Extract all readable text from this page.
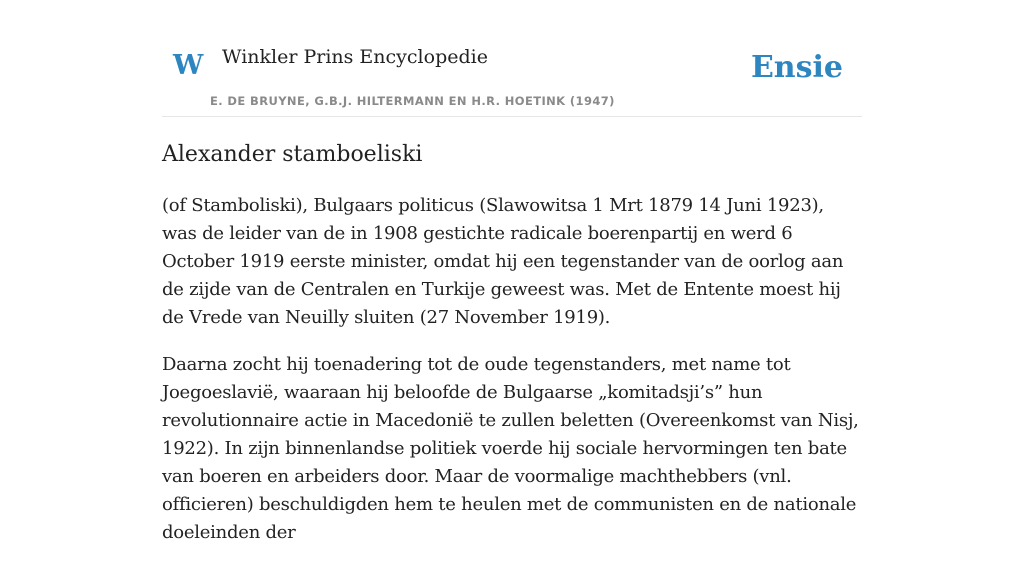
W Winkler Prins Encyclopedie
E. DE BRUYNE, G.B.J. HILTERMANN EN H.R. HOETINK (1947)
Ensie
Alexander stamboeliski

(of Stamboliski), Bulgaars politicus (Slawowitsa 1 Mrt 1879 14 Juni 1923), was de leider van de in 1908 gestichte radicale boerenpartij en werd 6 October 1919 eerste minister, omdat hij een tegenstander van de oorlog aan de zijde van de Centralen en Turkije geweest was. Met de Entente moest hij de Vrede van Neuilly sluiten (27 November 1919).

Daarna zocht hij toenadering tot de oude tegenstanders, met name tot Joegoeslavië, waaraan hij beloofde de Bulgaarse „komitadsji’s” hun revolutionnaire actie in Macedonië te zullen beletten (Overeenkomst van Nisj, 1922). In zijn binnenlandse politiek voerde hij sociale hervormingen ten bate van boeren en arbeiders door. Maar de voormalige machthebbers (vnl. officieren) beschuldigden hem te heulen met de communisten en de nationale doeleinden der
